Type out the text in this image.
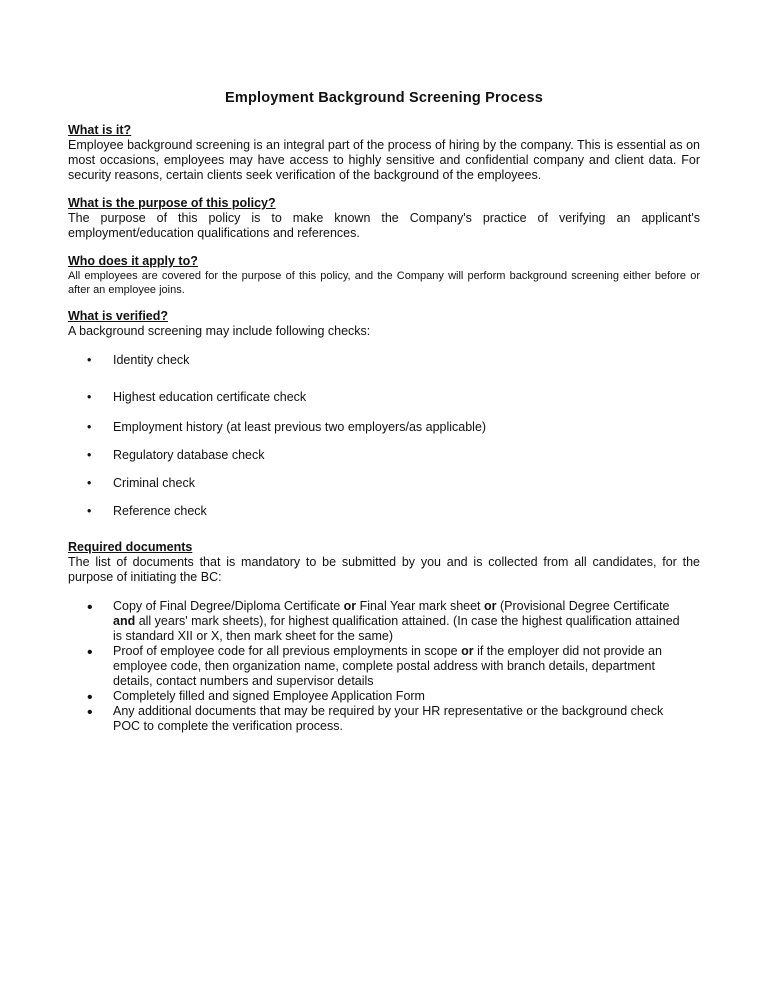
Employment Background Screening Process
What is it?
Employee background screening is an integral part of the process of hiring by the company. This is essential as on most occasions, employees may have access to highly sensitive and confidential company and client data. For security reasons, certain clients seek verification of the background of the employees.
What is the purpose of this policy?
The purpose of this policy is to make known the Company's practice of verifying an applicant's employment/education qualifications and references.
Who does it apply to?
All employees are covered for the purpose of this policy, and the Company will perform background screening either before or after an employee joins.
What is verified?
A background screening may include following checks:
• Identity check
• Highest education certificate check
• Employment history (at least previous two employers/as applicable)
• Regulatory database check
• Criminal check
• Reference check
Required documents
The list of documents that is mandatory to be submitted by you and is collected from all candidates, for the purpose of initiating the BC:
• Copy of Final Degree/Diploma Certificate or Final Year mark sheet or (Provisional Degree Certificate and all years' mark sheets), for highest qualification attained. (In case the highest qualification attained is standard XII or X, then mark sheet for the same)
• Proof of employee code for all previous employments in scope or if the employer did not provide an employee code, then organization name, complete postal address with branch details, department details, contact numbers and supervisor details
• Completely filled and signed Employee Application Form
• Any additional documents that may be required by your HR representative or the background check POC to complete the verification process.
